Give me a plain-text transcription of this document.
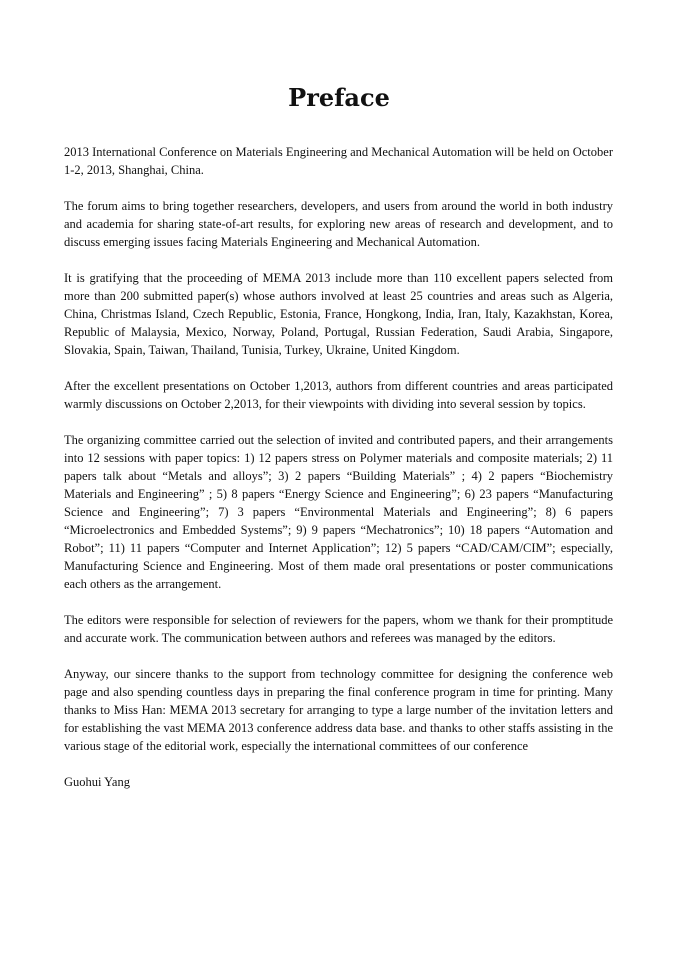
Preface

2013 International Conference on Materials Engineering and Mechanical Automation will be held on October 1-2, 2013, Shanghai, China.

The forum aims to bring together researchers, developers, and users from around the world in both industry and academia for sharing state-of-art results, for exploring new areas of research and development, and to discuss emerging issues facing Materials Engineering and Mechanical Automation.

It is gratifying that the proceeding of MEMA 2013 include more than 110 excellent papers selected from more than 200 submitted paper(s) whose authors involved at least 25 countries and areas such as Algeria, China, Christmas Island, Czech Republic, Estonia, France, Hongkong, India, Iran, Italy, Kazakhstan, Korea, Republic of Malaysia, Mexico, Norway, Poland, Portugal, Russian Federation, Saudi Arabia, Singapore, Slovakia, Spain, Taiwan, Thailand, Tunisia, Turkey, Ukraine, United Kingdom.

After the excellent presentations on October 1,2013, authors from different countries and areas participated warmly discussions on October 2,2013, for their viewpoints with dividing into several session by topics.

The organizing committee carried out the selection of invited and contributed papers, and their arrangements into 12 sessions with paper topics: 1) 12 papers stress on Polymer materials and composite materials; 2) 11 papers talk about “Metals and alloys”; 3) 2 papers “Building Materials” ; 4) 2 papers “Biochemistry Materials and Engineering” ; 5) 8 papers “Energy Science and Engineering”; 6) 23 papers “Manufacturing Science and Engineering”; 7) 3 papers “Environmental Materials and Engineering”; 8) 6 papers “Microelectronics and Embedded Systems”; 9) 9 papers “Mechatronics”; 10) 18 papers “Automation and Robot”; 11) 11 papers “Computer and Internet Application”; 12) 5 papers “CAD/CAM/CIM”; especially, Manufacturing Science and Engineering. Most of them made oral presentations or poster communications each others as the arrangement.

The editors were responsible for selection of reviewers for the papers, whom we thank for their promptitude and accurate work. The communication between authors and referees was managed by the editors.

Anyway, our sincere thanks to the support from technology committee for designing the conference web page and also spending countless days in preparing the final conference program in time for printing. Many thanks to Miss Han: MEMA 2013 secretary for arranging to type a large number of the invitation letters and for establishing the vast MEMA 2013 conference address data base. and thanks to other staffs assisting in the various stage of the editorial work, especially the international committees of our conference

Guohui Yang
